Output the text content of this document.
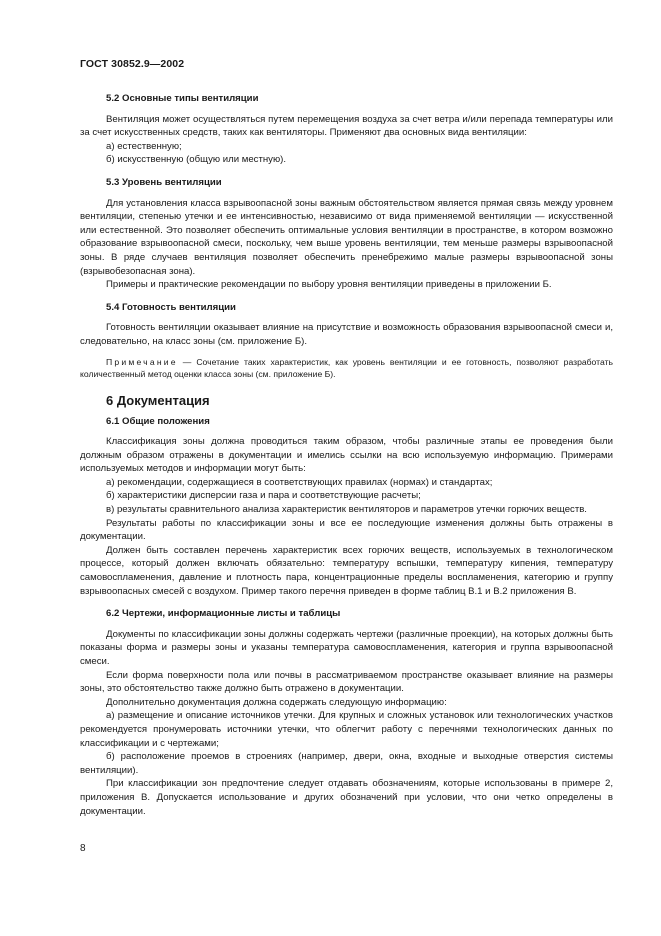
ГОСТ 30852.9—2002
5.2 Основные типы вентиляции

Вентиляция может осуществляться путем перемещения воздуха за счет ветра и/или перепада температуры или за счет искусственных средств, таких как вентиляторы. Применяют два основных вида вентиляции:

а) естественную;

б) искусственную (общую или местную).

5.3 Уровень вентиляции

Для установления класса взрывоопасной зоны важным обстоятельством является прямая связь между уровнем вентиляции, степенью утечки и ее интенсивностью, независимо от вида применяемой вентиляции — искусственной или естественной. Это позволяет обеспечить оптимальные условия вентиляции в пространстве, в котором возможно образование взрывоопасной смеси, поскольку, чем выше уровень вентиляции, тем меньше размеры взрывоопасной зоны. В ряде случаев вентиляция позволяет обеспечить пренебрежимо малые размеры взрывоопасной зоны (взрывобезопасная зона).

Примеры и практические рекомендации по выбору уровня вентиляции приведены в приложении Б.

5.4 Готовность вентиляции

Готовность вентиляции оказывает влияние на присутствие и возможность образования взрывоопасной смеси и, следовательно, на класс зоны (см. приложение Б).

Примечание — Сочетание таких характеристик, как уровень вентиляции и ее готовность, позволяют разработать количественный метод оценки класса зоны (см. приложение Б).

6 Документация
6.1 Общие положения

Классификация зоны должна проводиться таким образом, чтобы различные этапы ее проведения были должным образом отражены в документации и имелись ссылки на всю используемую информацию. Примерами используемых методов и информации могут быть:

а) рекомендации, содержащиеся в соответствующих правилах (нормах) и стандартах;

б) характеристики дисперсии газа и пара и соответствующие расчеты;

в) результаты сравнительного анализа характеристик вентиляторов и параметров утечки горючих веществ.

Результаты работы по классификации зоны и все ее последующие изменения должны быть отражены в документации.

Должен быть составлен перечень характеристик всех горючих веществ, используемых в технологическом процессе, который должен включать обязательно: температуру вспышки, температуру кипения, температуру самовоспламенения, давление и плотность пара, концентрационные пределы воспламенения, категорию и группу взрывоопасных смесей с воздухом. Пример такого перечня приведен в форме таблиц В.1 и В.2 приложения В.

6.2 Чертежи, информационные листы и таблицы

Документы по классификации зоны должны содержать чертежи (различные проекции), на которых должны быть показаны форма и размеры зоны и указаны температура самовоспламенения, категория и группа взрывоопасной смеси.

Если форма поверхности пола или почвы в рассматриваемом пространстве оказывает влияние на размеры зоны, это обстоятельство также должно быть отражено в документации.

Дополнительно документация должна содержать следующую информацию:

а) размещение и описание источников утечки. Для крупных и сложных установок или технологических участков рекомендуется пронумеровать источники утечки, что облегчит работу с перечнями технологических данных по классификации и с чертежами;

б) расположение проемов в строениях (например, двери, окна, входные и выходные отверстия системы вентиляции).

При классификации зон предпочтение следует отдавать обозначениям, которые использованы в примере 2, приложения В. Допускается использование и других обозначений при условии, что они четко определены в документации.

8
